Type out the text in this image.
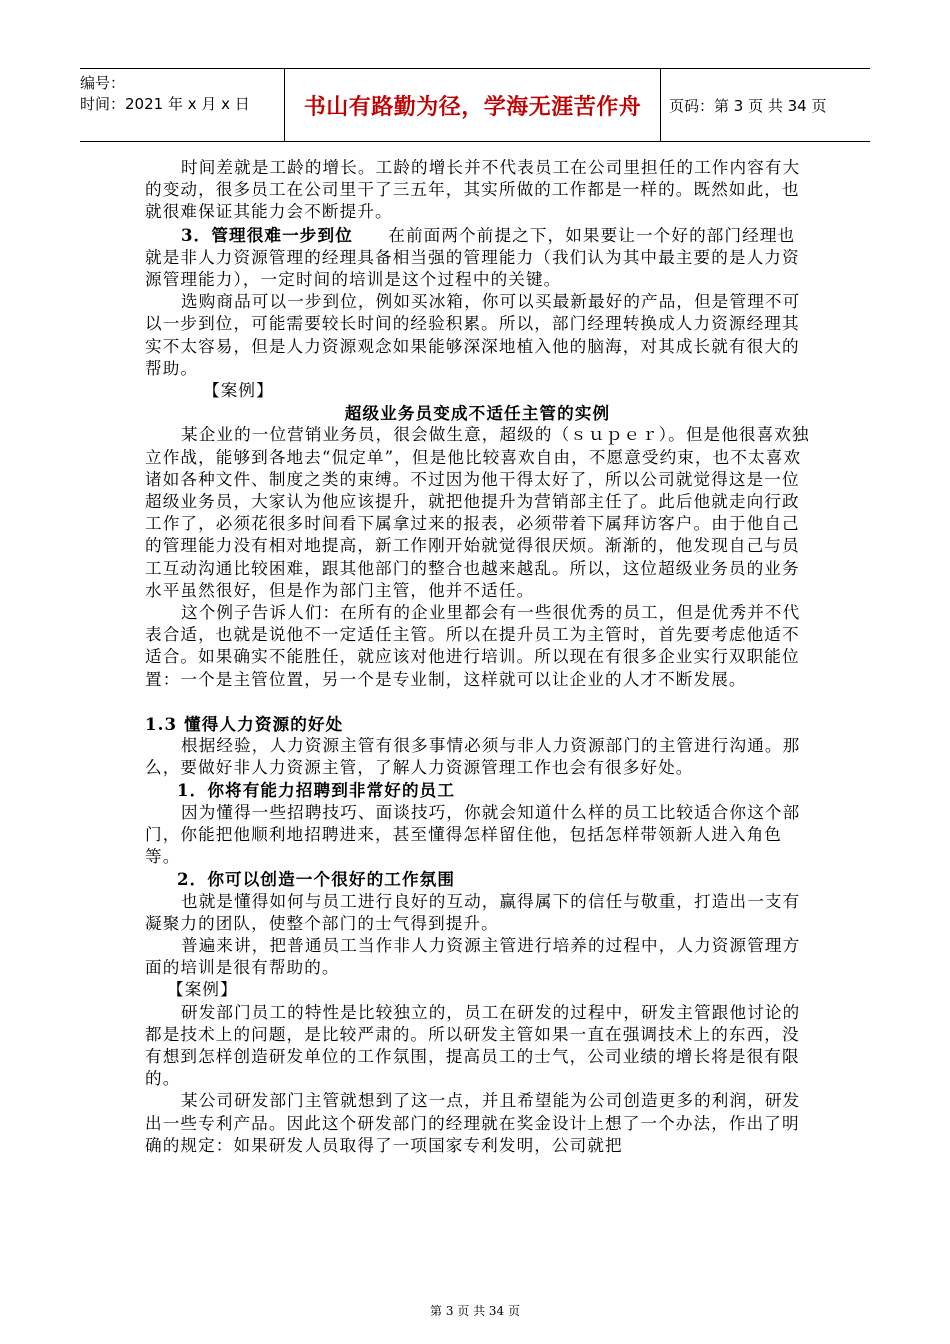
编号：
时间：2021 年 x 月 x 日	书山有路勤为径，学海无涯苦作舟	页码：第 3 页 共 34 页

时间差就是工龄的增长。工龄的增长并不代表员工在公司里担任的工作内容有大的变动，很多员工在公司里干了三五年，其实所做的工作都是一样的。既然如此，也就很难保证其能力会不断提升。

3．管理很难一步到位   在前面两个前提之下，如果要让一个好的部门经理也就是非人力资源管理的经理具备相当强的管理能力（我们认为其中最主要的是人力资源管理能力），一定时间的培训是这个过程中的关键。

选购商品可以一步到位，例如买冰箱，你可以买最新最好的产品，但是管理不可以一步到位，可能需要较长时间的经验积累。所以，部门经理转换成人力资源经理其实不太容易，但是人力资源观念如果能够深深地植入他的脑海，对其成长就有很大的帮助。

【案例】

超级业务员变成不适任主管的实例

某企业的一位营销业务员，很会做生意，超级的（ｓｕｐｅｒ）。但是他很喜欢独立作战，能够到各地去“侃定单”，但是他比较喜欢自由，不愿意受约束，也不太喜欢诸如各种文件、制度之类的束缚。不过因为他干得太好了，所以公司就觉得这是一位超级业务员，大家认为他应该提升，就把他提升为营销部主任了。此后他就走向行政工作了，必须花很多时间看下属拿过来的报表，必须带着下属拜访客户。由于他自己的管理能力没有相对地提高，新工作刚开始就觉得很厌烦。渐渐的，他发现自己与员工互动沟通比较困难，跟其他部门的整合也越来越乱。所以，这位超级业务员的业务水平虽然很好，但是作为部门主管，他并不适任。

这个例子告诉人们：在所有的企业里都会有一些很优秀的员工，但是优秀并不代表合适，也就是说他不一定适任主管。所以在提升员工为主管时，首先要考虑他适不适合。如果确实不能胜任，就应该对他进行培训。所以现在有很多企业实行双职能位置：一个是主管位置，另一个是专业制，这样就可以让企业的人才不断发展。

1.3 懂得人力资源的好处

根据经验，人力资源主管有很多事情必须与非人力资源部门的主管进行沟通。那么，要做好非人力资源主管，了解人力资源管理工作也会有很多好处。

1．你将有能力招聘到非常好的员工

因为懂得一些招聘技巧、面谈技巧，你就会知道什么样的员工比较适合你这个部门，你能把他顺利地招聘进来，甚至懂得怎样留住他，包括怎样带领新人进入角色等。

2．你可以创造一个很好的工作氛围

也就是懂得如何与员工进行良好的互动，赢得属下的信任与敬重，打造出一支有凝聚力的团队，使整个部门的士气得到提升。

普遍来讲，把普通员工当作非人力资源主管进行培养的过程中，人力资源管理方面的培训是很有帮助的。

【案例】

研发部门员工的特性是比较独立的，员工在研发的过程中，研发主管跟他讨论的都是技术上的问题，是比较严肃的。所以研发主管如果一直在强调技术上的东西，没有想到怎样创造研发单位的工作氛围，提高员工的士气，公司业绩的增长将是很有限的。

某公司研发部门主管就想到了这一点，并且希望能为公司创造更多的利润，研发出一些专利产品。因此这个研发部门的经理就在奖金设计上想了一个办法，作出了明确的规定：如果研发人员取得了一项国家专利发明，公司就把

第 3 页 共 34 页
